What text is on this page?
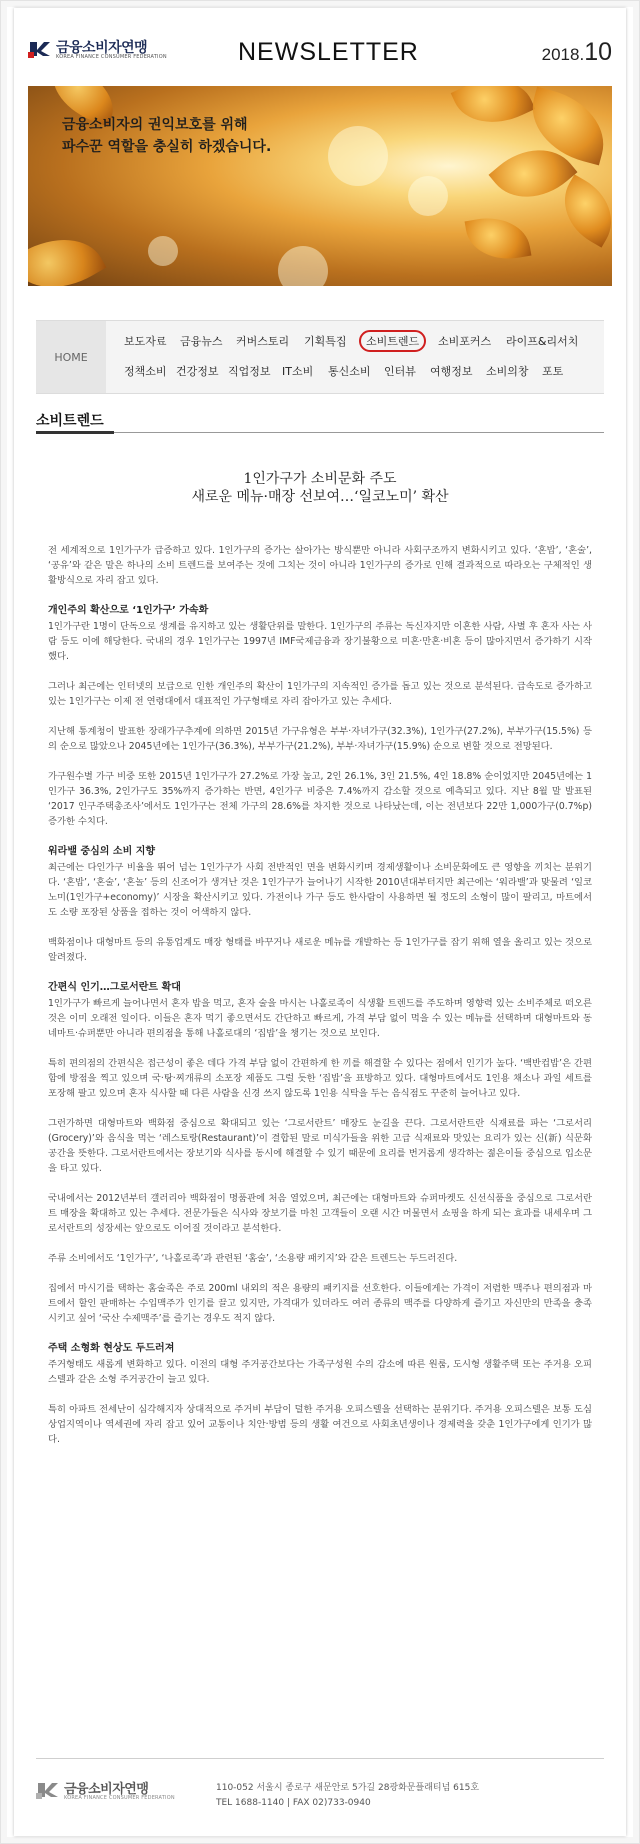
금융소비자연맹
KOREA FINANCE CONSUMER FEDERATION	NEWSLETTER	2018.10
금융소비자의 권익보호를 위해
파수꾼 역할을 충실히 하겠습니다.
HOME
보도자료 금융뉴스 커버스토리 기획특집	소비트렌드	소비포커스 라이프&리서치
정책소비 건강정보 직업정보 IT소비 통신소비 인터뷰 여행정보 소비의창 포토
소비트렌드
1인가구가 소비문화 주도
새로운 메뉴·매장 선보여…‘일코노미’ 확산

전 세계적으로 1인가구가 급증하고 있다. 1인가구의 증가는 살아가는 방식뿐만 아니라 사회구조까지 변화시키고 있다. ‘혼밥’, ‘혼술’, ‘공유’와 같은 말은 하나의 소비 트렌드를 보여주는 것에 그치는 것이 아니라 1인가구의 증가로 인해 결과적으로 따라오는 구체적인 생활방식으로 자리 잡고 있다.

개인주의 확산으로 ‘1인가구’ 가속화

1인가구란 1명이 단독으로 생계를 유지하고 있는 생활단위를 말한다. 1인가구의 주류는 독신자지만 이혼한 사람, 사별 후 혼자 사는 사람 등도 이에 해당한다. 국내의 경우 1인가구는 1997년 IMF국제금융과 장기불황으로 미혼·만혼·비혼 등이 많아지면서 증가하기 시작했다.

그러나 최근에는 인터넷의 보급으로 인한 개인주의 확산이 1인가구의 지속적인 증가를 돕고 있는 것으로 분석된다. 급속도로 증가하고 있는 1인가구는 이제 전 연령대에서 대표적인 가구형태로 자리 잡아가고 있는 추세다.

지난해 통계청이 발표한 장래가구추계에 의하면 2015년 가구유형은 부부·자녀가구(32.3%), 1인가구(27.2%), 부부가구(15.5%) 등의 순으로 많았으나 2045년에는 1인가구(36.3%), 부부가구(21.2%), 부부·자녀가구(15.9%) 순으로 변할 것으로 전망된다.

가구원수별 가구 비중 또한 2015년 1인가구가 27.2%로 가장 높고, 2인 26.1%, 3인 21.5%, 4인 18.8% 순이었지만 2045년에는 1인가구 36.3%, 2인가구도 35%까지 증가하는 반면, 4인가구 비중은 7.4%까지 감소할 것으로 예측되고 있다. 지난 8월 말 발표된 ‘2017 인구주택총조사’에서도 1인가구는 전체 가구의 28.6%를 차지한 것으로 나타났는데, 이는 전년보다 22만 1,000가구(0.7%p) 증가한 수치다.

워라밸 중심의 소비 지향

최근에는 다인가구 비율을 뛰어 넘는 1인가구가 사회 전반적인 면을 변화시키며 경제생활이나 소비문화에도 큰 영향을 끼치는 분위기다. ‘혼밥’, ‘혼술’, ‘혼놀’ 등의 신조어가 생겨난 것은 1인가구가 늘어나기 시작한 2010년대부터지만 최근에는 ‘워라밸’과 맞물려 ‘일코노미(1인가구+economy)’ 시장을 확산시키고 있다. 가전이나 가구 등도 한사람이 사용하면 될 정도의 소형이 많이 팔리고, 마트에서도 소량 포장된 상품을 접하는 것이 어색하지 않다.

백화점이나 대형마트 등의 유통업계도 매장 형태를 바꾸거나 새로운 메뉴를 개발하는 등 1인가구를 잡기 위해 열을 올리고 있는 것으로 알려졌다.

간편식 인기…그로서란트 확대

1인가구가 빠르게 늘어나면서 혼자 밥을 먹고, 혼자 술을 마시는 나홀로족이 식생활 트렌드를 주도하며 영향력 있는 소비주체로 떠오른 것은 이미 오래전 일이다. 이들은 혼자 먹기 좋으면서도 간단하고 빠르게, 가격 부담 없이 먹을 수 있는 메뉴를 선택하며 대형마트와 동네마트·슈퍼뿐만 아니라 편의점을 통해 나홀로대의 ‘집밥’을 챙기는 것으로 보인다.

특히 편의점의 간편식은 접근성이 좋은 데다 가격 부담 없이 간편하게 한 끼를 해결할 수 있다는 점에서 인기가 높다. ‘백반컵밥’은 간편함에 방점을 찍고 있으며 국·탕·찌개류의 소포장 제품도 그럴 듯한 ‘집밥’을 표방하고 있다. 대형마트에서도 1인용 채소나 과일 세트를 포장해 팔고 있으며 혼자 식사할 때 다른 사람을 신경 쓰지 않도록 1인용 식탁을 두는 음식점도 꾸준히 늘어나고 있다.

그런가하면 대형마트와 백화점 중심으로 확대되고 있는 ‘그로서란트’ 매장도 눈길을 끈다. 그로서란트란 식재료를 파는 ‘그로서리(Grocery)’와 음식을 먹는 ‘레스토랑(Restaurant)’이 결합된 말로 미식가들을 위한 고급 식재료와 맛있는 요리가 있는 신(新) 식문화 공간을 뜻한다. 그로서란트에서는 장보기와 식사를 동시에 해결할 수 있기 때문에 요리를 번거롭게 생각하는 젊은이들 중심으로 입소문을 타고 있다.

국내에서는 2012년부터 갤러리아 백화점이 명품관에 처음 열었으며, 최근에는 대형마트와 슈퍼마켓도 신선식품을 중심으로 그로서란트 매장을 확대하고 있는 추세다. 전문가들은 식사와 장보기를 마친 고객들이 오랜 시간 머물면서 쇼핑을 하게 되는 효과를 내세우며 그로서란트의 성장세는 앞으로도 이어질 것이라고 분석한다.

주류 소비에서도 ‘1인가구’, ‘나홀로족’과 관련된 ‘홈술’, ‘소용량 패키지’와 같은 트렌드는 두드러진다.

집에서 마시기를 택하는 홈술족은 주로 200ml 내외의 적은 용량의 패키지를 선호한다. 이들에게는 가격이 저렴한 맥주나 편의점과 마트에서 할인 판매하는 수입맥주가 인기를 끌고 있지만, 가격대가 있더라도 여러 종류의 맥주를 다양하게 즐기고 자신만의 만족을 충족시키고 싶어 ‘국산 수제맥주’를 즐기는 경우도 적지 않다.

주택 소형화 현상도 두드러져

주거형태도 새롭게 변화하고 있다. 이전의 대형 주거공간보다는 가족구성원 수의 감소에 따른 원룸, 도시형 생활주택 또는 주거용 오피스텔과 같은 소형 주거공간이 늘고 있다.

특히 아파트 전세난이 심각해지자 상대적으로 주거비 부담이 덜한 주거용 오피스텔을 선택하는 분위기다. 주거용 오피스텔은 보통 도심 상업지역이나 역세권에 자리 잡고 있어 교통이나 치안·방범 등의 생활 여건으로 사회초년생이나 경제력을 갖춘 1인가구에게 인기가 많다.

금융소비자연맹
KOREA FINANCE CONSUMER FEDERATION
110-052 서울시 종로구 새문안로 5가길 28광화문플래티넘 615호
TEL 1688-1140 | FAX 02)733-0940
